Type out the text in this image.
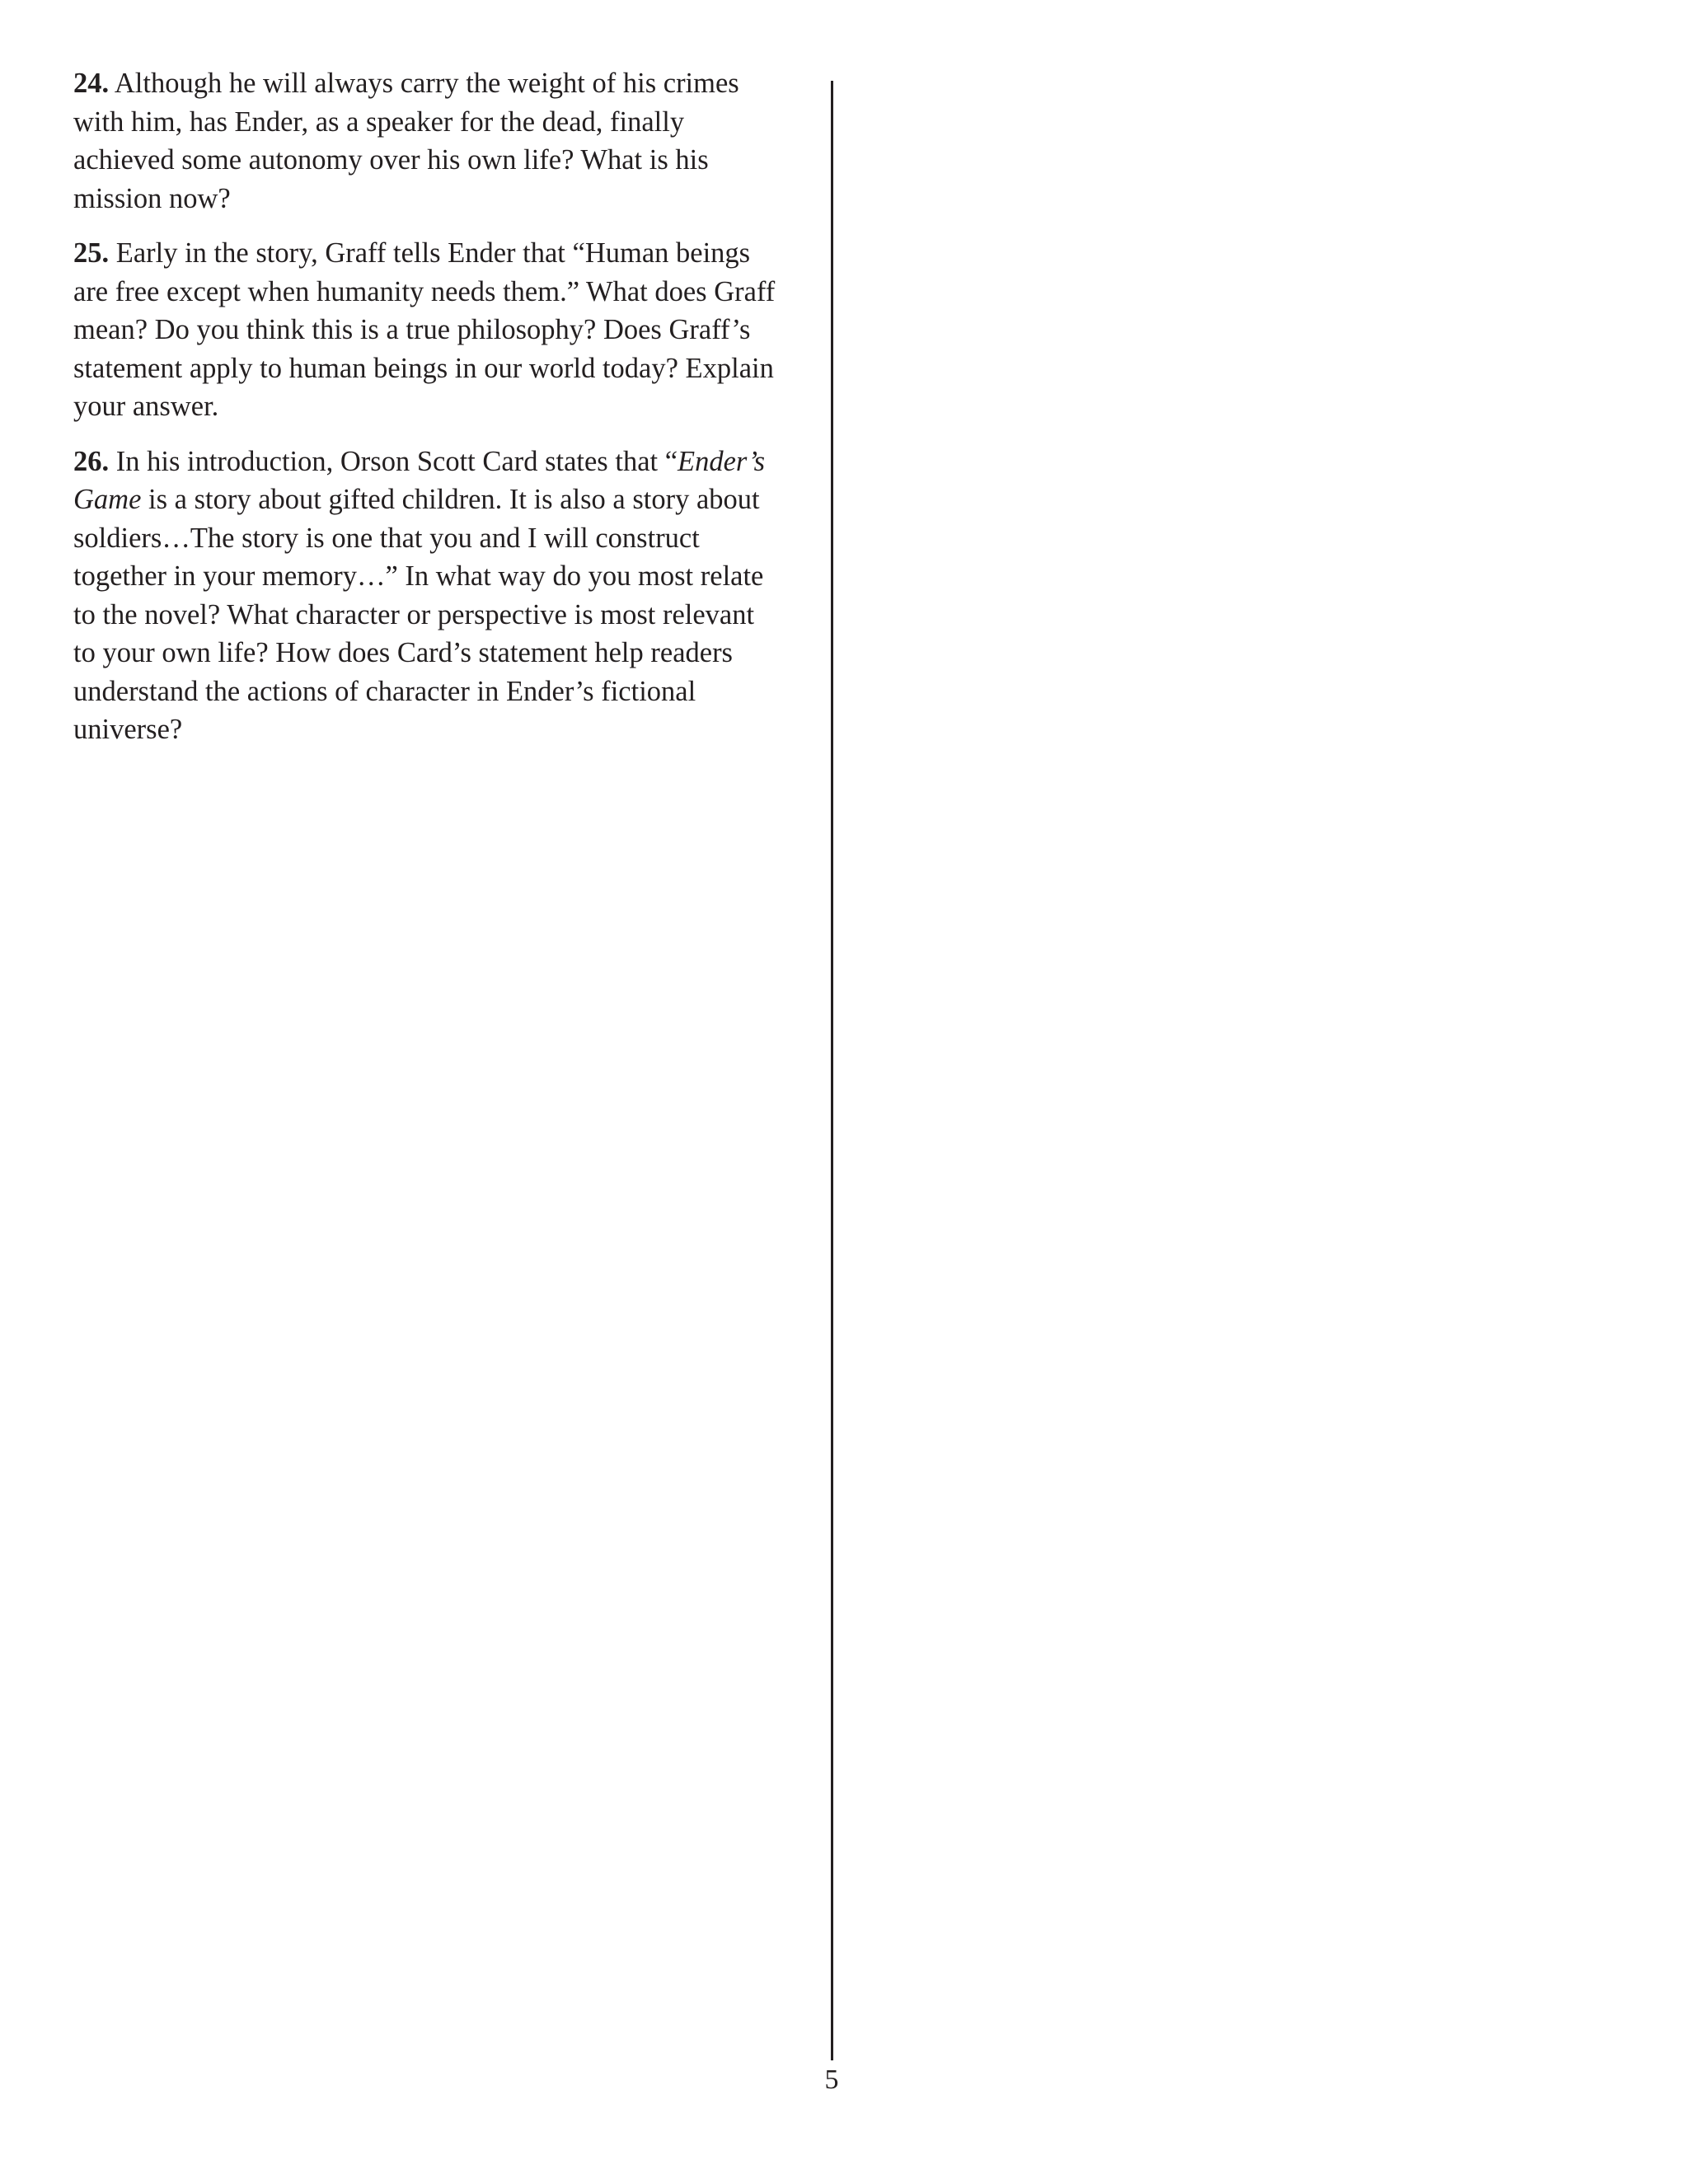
24. Although he will always carry the weight of his crimes with him, has Ender, as a speaker for the dead, finally achieved some autonomy over his own life? What is his mission now?

25. Early in the story, Graff tells Ender that “Human beings are free except when humanity needs them.” What does Graff mean? Do you think this is a true philosophy? Does Graff’s statement apply to human beings in our world today? Explain your answer.

26. In his introduction, Orson Scott Card states that “Ender’s Game is a story about gifted children. It is also a story about soldiers…The story is one that you and I will construct together in your memory…” In what way do you most relate to the novel? What character or perspective is most relevant to your own life? How does Card’s statement help readers understand the actions of character in Ender’s fictional universe?

5
